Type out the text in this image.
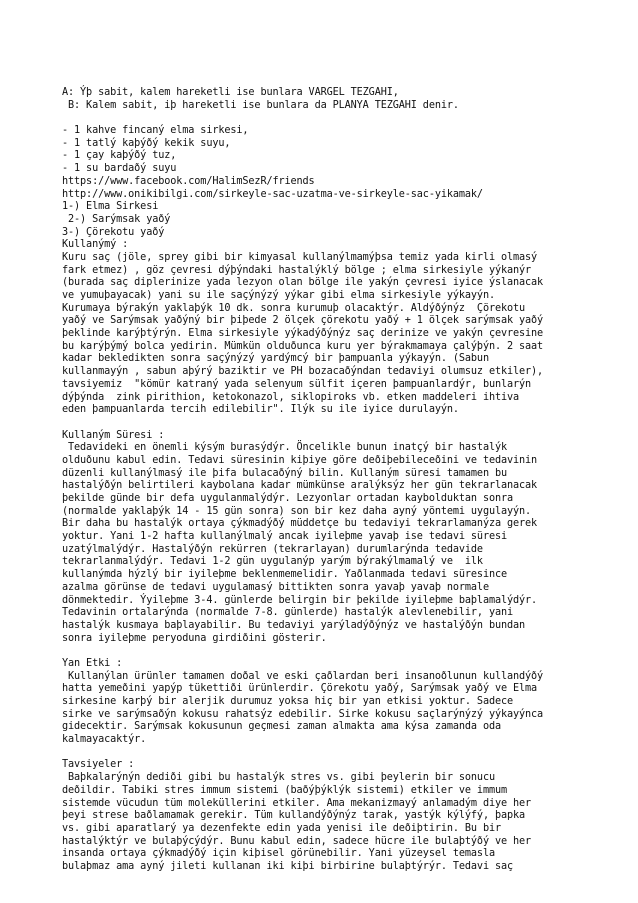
A: Ýþ sabit, kalem hareketli ise bunlara VARGEL TEZGAHI,
B: Kalem sabit, iþ hareketli ise bunlara da PLANYA TEZGAHI denir.
- 1 kahve fincaný elma sirkesi,
- 1 tatlý kaþýðý kekik suyu,
- 1 çay kaþýðý tuz,
- 1 su bardaðý suyu
https://www.facebook.com/HalimSezR/friends
http://www.onikibilgi.com/sirkeyle-sac-uzatma-ve-sirkeyle-sac-yikamak/
1-) Elma Sirkesi
2-) Sarýmsak yaðý
3-) Çörekotu yaðý
Kullanýmý :
Kuru saç (jöle, sprey gibi bir kimyasal kullanýlmamýþsa temiz yada kirli olmasý
fark etmez) , göz çevresi dýþýndaki hastalýklý bölge ; elma sirkesiyle yýkanýr
(burada saç diplerinize yada lezyon olan bölge ile yakýn çevresi iyice ýslanacak
ve yumuþayacak) yani su ile saçýnýzý yýkar gibi elma sirkesiyle yýkayýn.
Kurumaya býrakýn yaklaþýk 10 dk. sonra kurumuþ olacaktýr. Aldýðýnýz  Çörekotu
yaðý ve Sarýmsak yaðýný bir þiþede 2 ölçek çörekotu yaðý + 1 ölçek sarýmsak yaðý
þeklinde karýþtýrýn. Elma sirkesiyle yýkadýðýnýz saç derinize ve yakýn çevresine
bu karýþýmý bolca yedirin. Mümkün olduðunca kuru yer býrakmamaya çalýþýn. 2 saat
kadar bekledikten sonra saçýnýzý yardýmcý bir þampuanla yýkayýn. (Sabun
kullanmayýn , sabun aþýrý baziktir ve PH bozacaðýndan tedaviyi olumsuz etkiler),
tavsiyemiz  "kömür katraný yada selenyum sülfit içeren þampuanlardýr, bunlarýn
dýþýnda  zink pirithion, ketokonazol, siklopiroks vb. etken maddeleri ihtiva
eden þampuanlarda tercih edilebilir". Ilýk su ile iyice durulayýn.
Kullaným Süresi :
Tedavideki en önemli kýsým burasýdýr. Öncelikle bunun inatçý bir hastalýk
olduðunu kabul edin. Tedavi süresinin kiþiye göre deðiþebileceðini ve tedavinin
düzenli kullanýlmasý ile þifa bulacaðýný bilin. Kullaným süresi tamamen bu
hastalýðýn belirtileri kaybolana kadar mümkünse aralýksýz her gün tekrarlanacak
þekilde günde bir defa uygulanmalýdýr. Lezyonlar ortadan kaybolduktan sonra
(normalde yaklaþýk 14 - 15 gün sonra) son bir kez daha ayný yöntemi uygulayýn.
Bir daha bu hastalýk ortaya çýkmadýðý müddetçe bu tedaviyi tekrarlamanýza gerek
yoktur. Yani 1-2 hafta kullanýlmalý ancak iyileþme yavaþ ise tedavi süresi
uzatýlmalýdýr. Hastalýðýn rekürren (tekrarlayan) durumlarýnda tedavide
tekrarlanmalýdýr. Tedavi 1-2 gün uygulanýp yarým býrakýlmamalý ve  ilk
kullanýmda hýzlý bir iyileþme beklenmemelidir. Yaðlanmada tedavi süresince
azalma görünse de tedavi uygulamasý bittikten sonra yavaþ yavaþ normale
dönmektedir. Ýyileþme 3-4. günlerde belirgin bir þekilde iyileþme baþlamalýdýr.
Tedavinin ortalarýnda (normalde 7-8. günlerde) hastalýk alevlenebilir, yani
hastalýk kusmaya baþlayabilir. Bu tedaviyi yarýladýðýnýz ve hastalýðýn bundan
sonra iyileþme peryoduna girdiðini gösterir.
Yan Etki :
Kullanýlan ürünler tamamen doðal ve eski çaðlardan beri insanoðlunun kullandýðý
hatta yemeðini yapýp tükettiði ürünlerdir. Çörekotu yaðý, Sarýmsak yaðý ve Elma
sirkesine karþý bir alerjik durumuz yoksa hiç bir yan etkisi yoktur. Sadece
sirke ve sarýmsaðýn kokusu rahatsýz edebilir. Sirke kokusu saçlarýnýzý yýkayýnca
gidecektir. Sarýmsak kokusunun geçmesi zaman almakta ama kýsa zamanda oda
kalmayacaktýr.
Tavsiyeler :
Baþkalarýnýn dediði gibi bu hastalýk stres vs. gibi þeylerin bir sonucu
deðildir. Tabiki stres immum sistemi (baðýþýklýk sistemi) etkiler ve immum
sistemde vücudun tüm moleküllerini etkiler. Ama mekanizmayý anlamadým diye her
þeyi strese baðlamamak gerekir. Tüm kullandýðýnýz tarak, yastýk kýlýfý, þapka
vs. gibi aparatlarý ya dezenfekte edin yada yenisi ile deðiþtirin. Bu bir
hastalýktýr ve bulaþýcýdýr. Bunu kabul edin, sadece hücre ile bulaþtýðý ve her
insanda ortaya çýkmadýðý için kiþisel görünebilir. Yani yüzeysel temasla
bulaþmaz ama ayný jileti kullanan iki kiþi birbirine bulaþtýrýr. Tedavi saç
